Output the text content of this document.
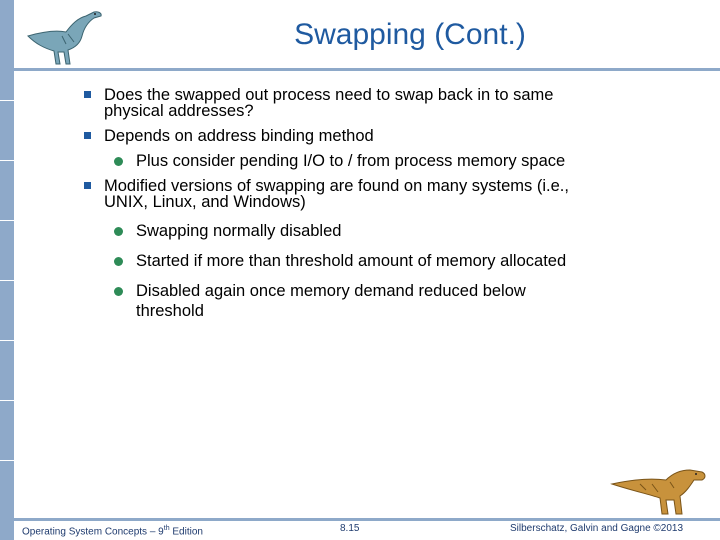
Swapping (Cont.)
Does the swapped out process need to swap back in to same
physical addresses?
Depends on address binding method
Plus consider pending I/O to / from process memory space
Modified versions of swapping are found on many systems (i.e.,
UNIX, Linux, and Windows)
Swapping normally disabled
Started if more than threshold amount of memory allocated
Disabled again once memory demand reduced below
threshold
Operating System Concepts – 9th Edition	8.15	Silberschatz, Galvin and Gagne ©2013
